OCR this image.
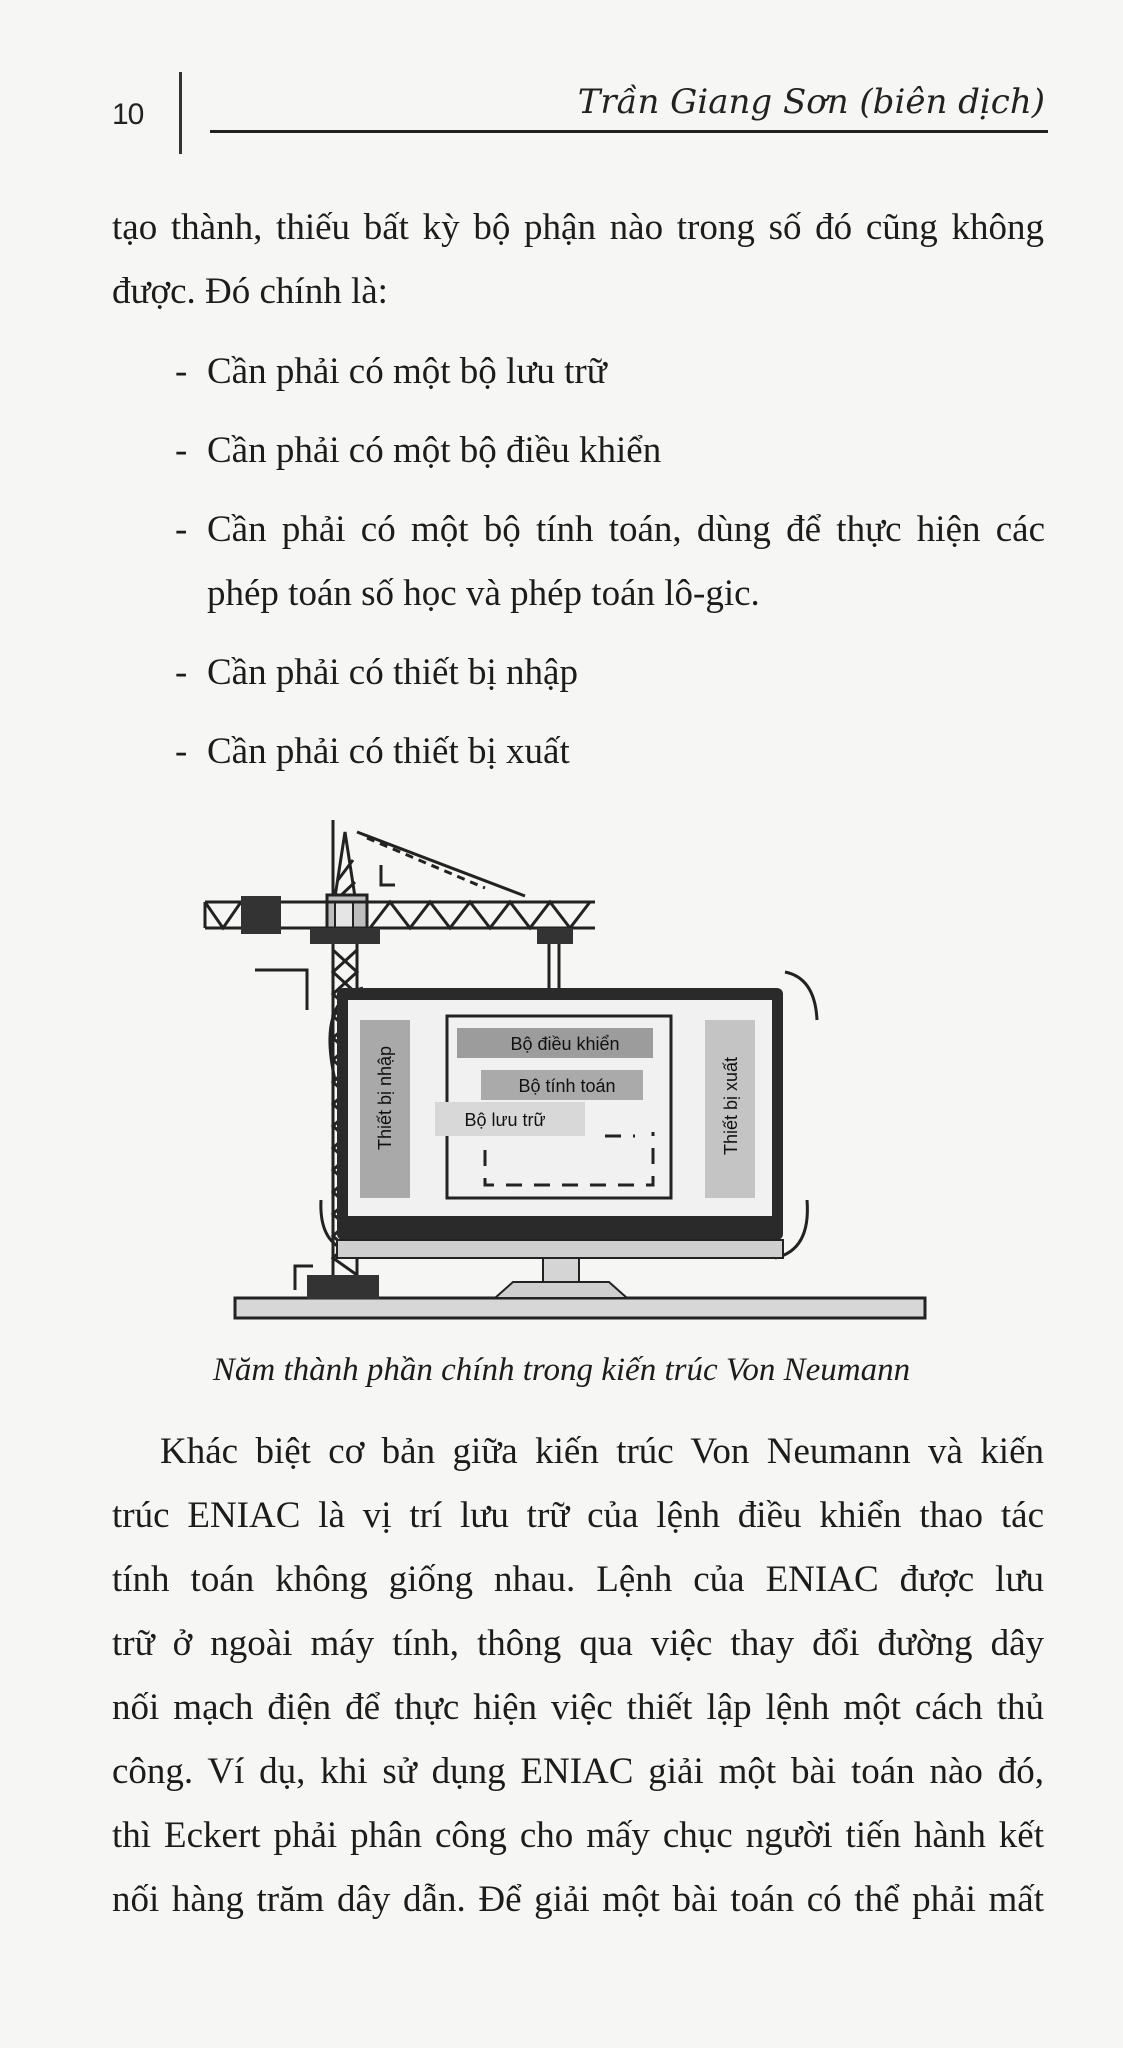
10	Trần Giang Sơn (biên dịch)
tạo thành, thiếu bất kỳ bộ phận nào trong số đó cũng không
được. Đó chính là:
- Cần phải có một bộ lưu trữ
- Cần phải có một bộ điều khiển
- Cần phải có một bộ tính toán, dùng để thực hiện các
phép toán số học và phép toán lô-gic.
- Cần phải có thiết bị nhập
- Cần phải có thiết bị xuất
Thiết bị nhập	Thiết bị xuất
Bộ điều khiển
Bộ tính toán
Bộ lưu trữ
Năm thành phần chính trong kiến trúc Von Neumann
Khác biệt cơ bản giữa kiến trúc Von Neumann và kiến
trúc ENIAC là vị trí lưu trữ của lệnh điều khiển thao tác
tính toán không giống nhau. Lệnh của ENIAC được lưu
trữ ở ngoài máy tính, thông qua việc thay đổi đường dây
nối mạch điện để thực hiện việc thiết lập lệnh một cách thủ
công. Ví dụ, khi sử dụng ENIAC giải một bài toán nào đó,
thì Eckert phải phân công cho mấy chục người tiến hành kết
nối hàng trăm dây dẫn. Để giải một bài toán có thể phải mất
